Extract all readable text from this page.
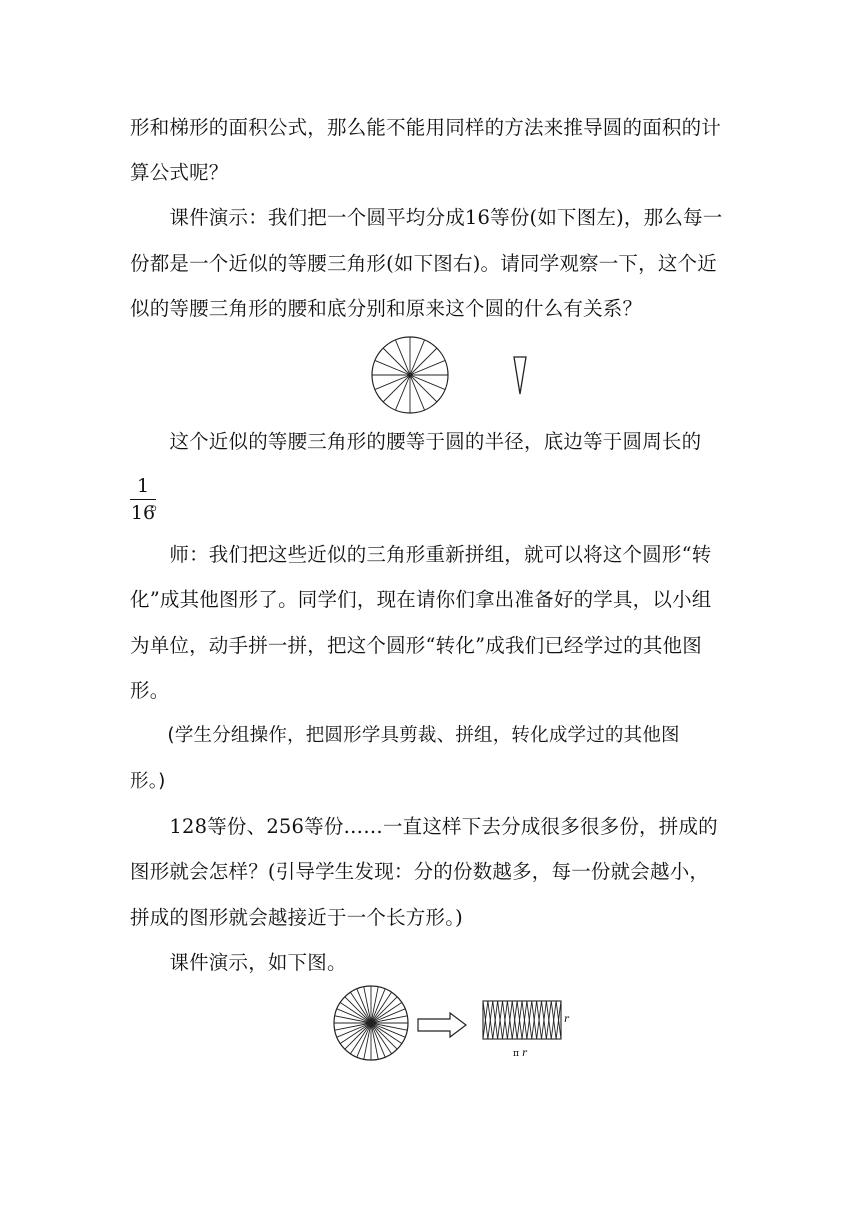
形和梯形的面积公式，那么能不能用同样的方法来推导圆的面积的计
算公式呢？
　　课件演示：我们把一个圆平均分成16等份(如下图左)，那么每一
份都是一个近似的等腰三角形(如下图右)。请同学观察一下，这个近
似的等腰三角形的腰和底分别和原来这个圆的什么有关系？
　　这个近似的等腰三角形的腰等于圆的半径，底边等于圆周长的
1
16
。
　　师：我们把这些近似的三角形重新拼组，就可以将这个圆形“转
化”成其他图形了。同学们，现在请你们拿出准备好的学具，以小组
为单位，动手拼一拼，把这个圆形“转化”成我们已经学过的其他图
形。
　　(学生分组操作，把圆形学具剪裁、拼组，转化成学过的其他图
形。)
　　128等份、256等份……一直这样下去分成很多很多份，拼成的
图形就会怎样？(引导学生发现：分的份数越多，每一份就会越小，
拼成的图形就会越接近于一个长方形。)
　　课件演示，如下图。
r
π r
